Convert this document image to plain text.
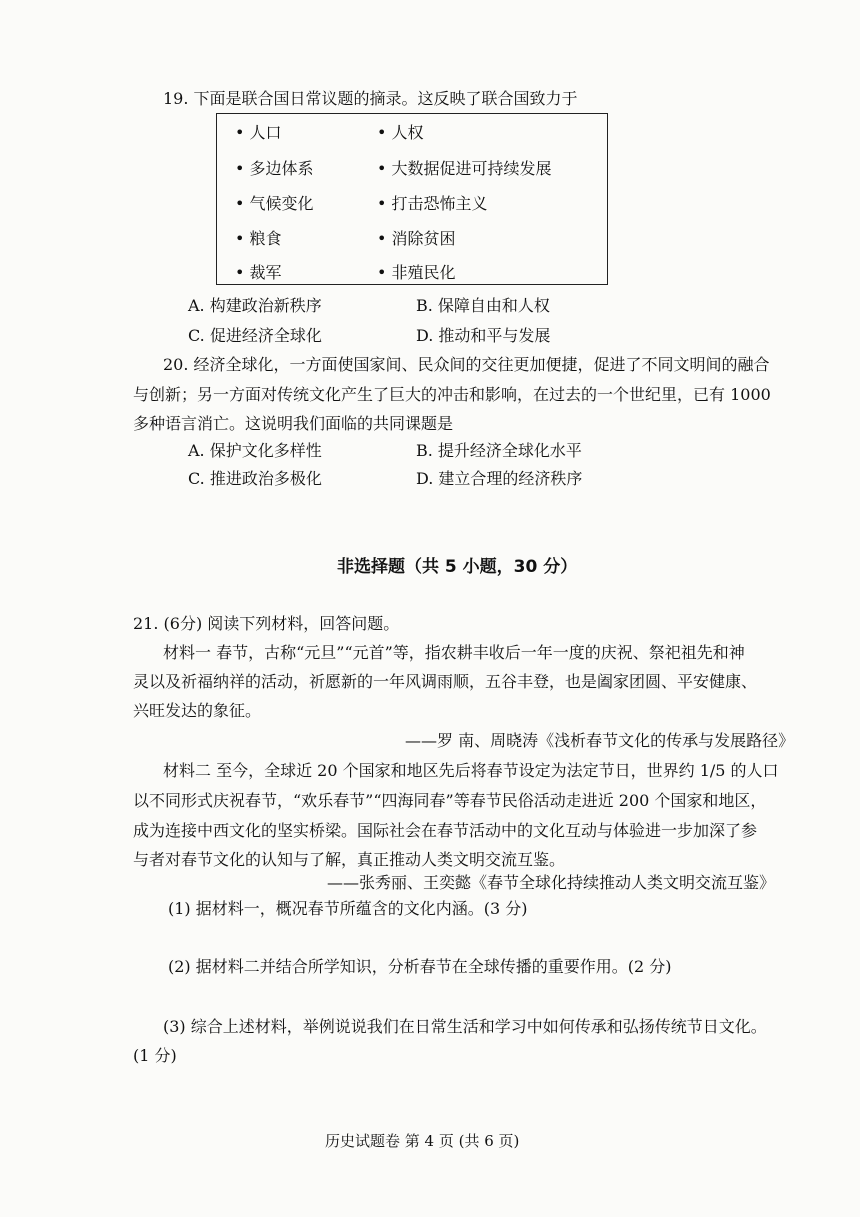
19. 下面是联合国日常议题的摘录。这反映了联合国致力于
• 人口	• 人权
• 多边体系	• 大数据促进可持续发展
• 气候变化	• 打击恐怖主义
• 粮食	• 消除贫困
• 裁军	• 非殖民化
A. 构建政治新秩序	B. 保障自由和人权
C. 促进经济全球化	D. 推动和平与发展
20. 经济全球化，一方面使国家间、民众间的交往更加便捷，促进了不同文明间的融合
与创新；另一方面对传统文化产生了巨大的冲击和影响，在过去的一个世纪里，已有 1000
多种语言消亡。这说明我们面临的共同课题是
A. 保护文化多样性	B. 提升经济全球化水平
C. 推进政治多极化	D. 建立合理的经济秩序
非选择题（共 5 小题，30 分）
21. (6分) 阅读下列材料，回答问题。
材料一 春节，古称“元旦”“元首”等，指农耕丰收后一年一度的庆祝、祭祀祖先和神
灵以及祈福纳祥的活动，祈愿新的一年风调雨顺，五谷丰登，也是阖家团圆、平安健康、
兴旺发达的象征。
——罗 南、周晓涛《浅析春节文化的传承与发展路径》
材料二 至今，全球近 20 个国家和地区先后将春节设定为法定节日，世界约 1/5 的人口
以不同形式庆祝春节，“欢乐春节”“四海同春”等春节民俗活动走进近 200 个国家和地区，
成为连接中西文化的坚实桥梁。国际社会在春节活动中的文化互动与体验进一步加深了参
与者对春节文化的认知与了解，真正推动人类文明交流互鉴。
——张秀丽、王奕懿《春节全球化持续推动人类文明交流互鉴》
(1) 据材料一，概况春节所蕴含的文化内涵。(3 分)
(2) 据材料二并结合所学知识，分析春节在全球传播的重要作用。(2 分)
(3) 综合上述材料，举例说说我们在日常生活和学习中如何传承和弘扬传统节日文化。
(1 分)
历史试题卷 第 4 页 (共 6 页)
